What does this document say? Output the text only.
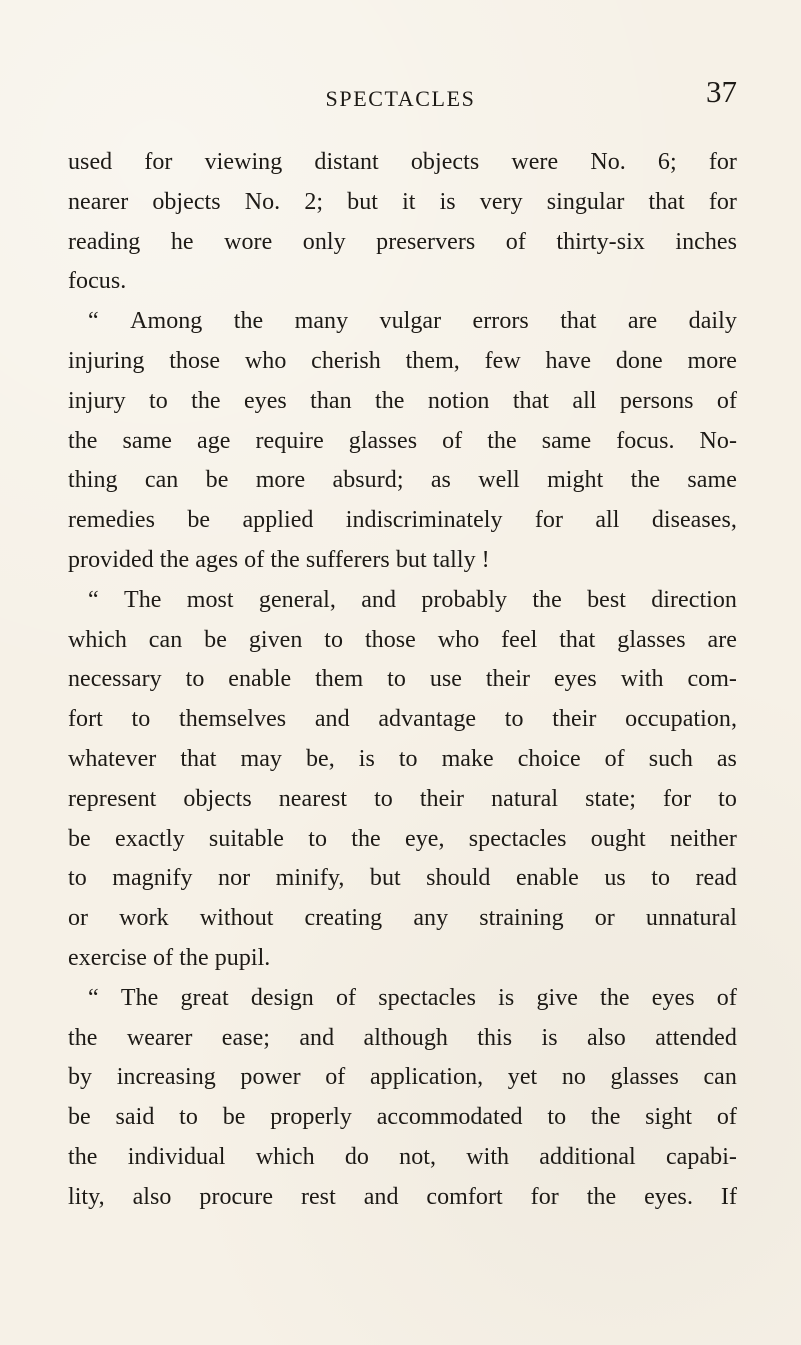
SPECTACLES	37

used for viewing distant objects were No. 6; for
nearer objects No. 2; but it is very singular that for
reading he wore only preservers of thirty-six inches
focus.
“ Among the many vulgar errors that are daily
injuring those who cherish them, few have done more
injury to the eyes than the notion that all persons of
the same age require glasses of the same focus. No-
thing can be more absurd; as well might the same
remedies be applied indiscriminately for all diseases,
provided the ages of the sufferers but tally !
“ The most general, and probably the best direction
which can be given to those who feel that glasses are
necessary to enable them to use their eyes with com-
fort to themselves and advantage to their occupation,
whatever that may be, is to make choice of such as
represent objects nearest to their natural state; for to
be exactly suitable to the eye, spectacles ought neither
to magnify nor minify, but should enable us to read
or work without creating any straining or unnatural
exercise of the pupil.
“ The great design of spectacles is give the eyes of
the wearer ease; and although this is also attended
by increasing power of application, yet no glasses can
be said to be properly accommodated to the sight of
the individual which do not, with additional capabi-
lity, also procure rest and comfort for the eyes. If
